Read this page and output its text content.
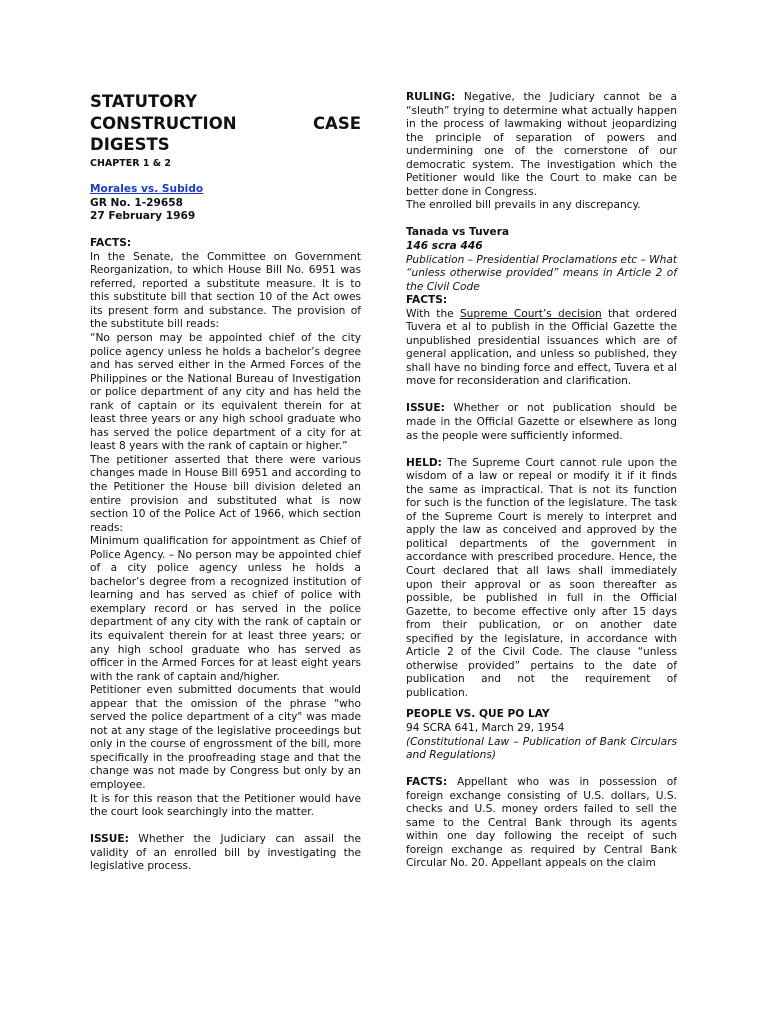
STATUTORY
CONSTRUCTION	CASE
DIGESTS
CHAPTER 1 & 2

Morales vs. Subido

GR No. 1-29658

27 February 1969

FACTS:

In the Senate, the Committee on Government Reorganization, to which House Bill No. 6951 was referred, reported a substitute measure. It is to this substitute bill that section 10 of the Act owes its present form and substance. The provision of the substitute bill reads:

“No person may be appointed chief of the city police agency unless he holds a bachelor’s degree and has served either in the Armed Forces of the Philippines or the National Bureau of Investigation or police department of any city and has held the rank of captain or its equivalent therein for at least three years or any high school graduate who has served the police department of a city for at least 8 years with the rank of captain or higher.”

The petitioner asserted that there were various changes made in House Bill 6951 and according to the Petitioner the House bill division deleted an entire provision and substituted what is now section 10 of the Police Act of 1966, which section reads:

Minimum qualification for appointment as Chief of Police Agency. – No person may be appointed chief of a city police agency unless he holds a bachelor’s degree from a recognized institution of learning and has served as chief of police with exemplary record or has served in the police department of any city with the rank of captain or its equivalent therein for at least three years; or any high school graduate who has served as officer in the Armed Forces for at least eight years with the rank of captain and/higher.

Petitioner even submitted documents that would appear that the omission of the phrase "who served the police department of a city" was made not at any stage of the legislative proceedings but only in the course of engrossment of the bill, more specifically in the proofreading stage and that the change was not made by Congress but only by an employee.

It is for this reason that the Petitioner would have the court look searchingly into the matter.

ISSUE: Whether the Judiciary can assail the validity of an enrolled bill by investigating the legislative process.

RULING: Negative, the Judiciary cannot be a “sleuth” trying to determine what actually happen in the process of lawmaking without jeopardizing the principle of separation of powers and undermining one of the cornerstone of our democratic system. The investigation which the Petitioner would like the Court to make can be better done in Congress.

The enrolled bill prevails in any discrepancy.

Tanada vs Tuvera

146 scra 446

Publication – Presidential Proclamations etc – What “unless otherwise provided” means in Article 2 of the Civil Code

FACTS:

With the Supreme Court’s decision that ordered Tuvera et al to publish in the Official Gazette the unpublished presidential issuances which are of general application, and unless so published, they shall have no binding force and effect, Tuvera et al move for reconsideration and clarification.

ISSUE: Whether or not publication should be made in the Official Gazette or elsewhere as long as the people were sufficiently informed.

HELD: The Supreme Court cannot rule upon the wisdom of a law or repeal or modify it if it finds the same as impractical. That is not its function for such is the function of the legislature. The task of the Supreme Court is merely to interpret and apply the law as conceived and approved by the political departments of the government in accordance with prescribed procedure. Hence, the Court declared that all laws shall immediately upon their approval or as soon thereafter as possible, be published in full in the Official Gazette, to become effective only after 15 days from their publication, or on another date specified by the legislature, in accordance with Article 2 of the Civil Code. The clause “unless otherwise provided” pertains to the date of publication and not the requirement of publication.

PEOPLE VS. QUE PO LAY

94 SCRA 641, March 29, 1954

(Constitutional Law – Publication of Bank Circulars and Regulations)

FACTS: Appellant who was in possession of foreign exchange consisting of U.S. dollars, U.S. checks and U.S. money orders failed to sell the same to the Central Bank through its agents within one day following the receipt of such foreign exchange as required by Central Bank Circular No. 20. Appellant appeals on the claim
